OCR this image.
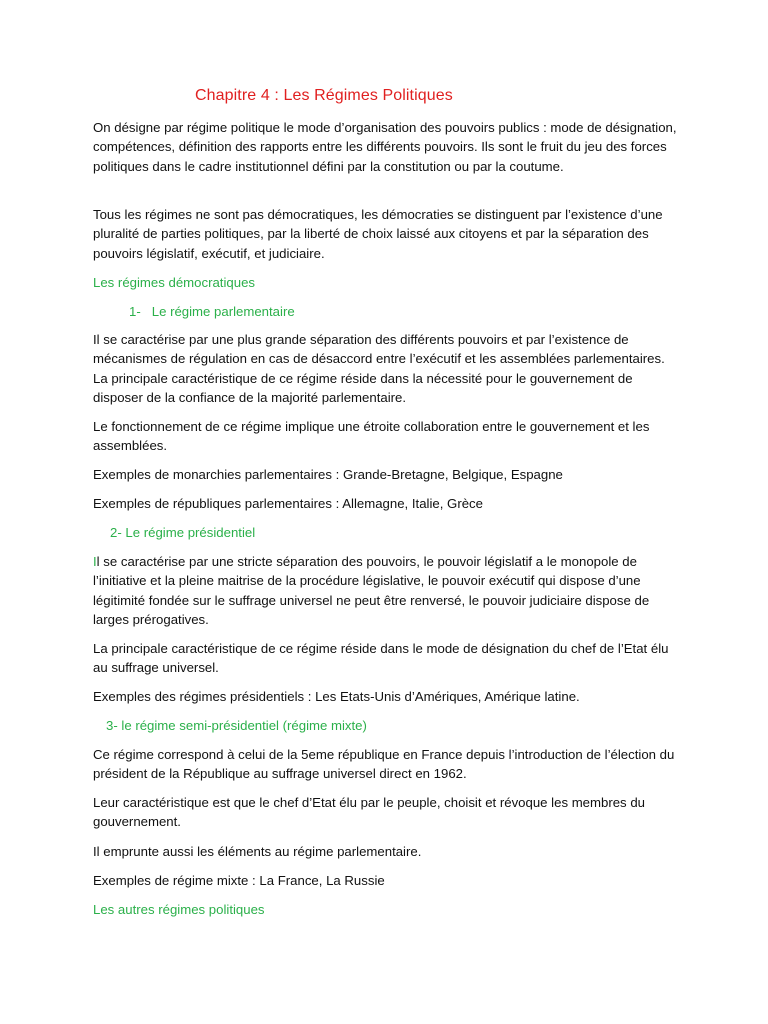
Chapitre 4 : Les Régimes Politiques

On désigne par régime politique le mode d’organisation des pouvoirs publics : mode de désignation, compétences, définition des rapports entre les différents pouvoirs. Ils sont le fruit du jeu des forces politiques dans le cadre institutionnel défini par la constitution ou par la coutume.

Tous les régimes ne sont pas démocratiques, les démocraties se distinguent par l’existence d’une pluralité de parties politiques, par la liberté de choix laissé aux citoyens et par la séparation des pouvoirs législatif, exécutif, et judiciaire.

Les régimes démocratiques

1- Le régime parlementaire

Il se caractérise par une plus grande séparation des différents pouvoirs et par l’existence de mécanismes de régulation en cas de désaccord entre l’exécutif et les assemblées parlementaires. La principale caractéristique de ce régime réside dans la nécessité pour le gouvernement de disposer de la confiance de la majorité parlementaire.

Le fonctionnement de ce régime implique une étroite collaboration entre le gouvernement et les assemblées.

Exemples de monarchies parlementaires : Grande-Bretagne, Belgique, Espagne

Exemples de républiques parlementaires : Allemagne, Italie, Grèce

2- Le régime présidentiel

Il se caractérise par une stricte séparation des pouvoirs, le pouvoir législatif a le monopole de l’initiative et la pleine maitrise de la procédure législative, le pouvoir exécutif qui dispose d’une légitimité fondée sur le suffrage universel ne peut être renversé, le pouvoir judiciaire dispose de larges prérogatives.

La principale caractéristique de ce régime réside dans le mode de désignation du chef de l’Etat élu au suffrage universel.

Exemples des régimes présidentiels : Les Etats-Unis d’Amériques, Amérique latine.

3- le régime semi-présidentiel (régime mixte)

Ce régime correspond à celui de la 5eme république en France depuis l’introduction de l’élection du président de la République au suffrage universel direct en 1962.

Leur caractéristique est que le chef d’Etat élu par le peuple, choisit et révoque les membres du gouvernement.

Il emprunte aussi les éléments au régime parlementaire.

Exemples de régime mixte : La France, La Russie

Les autres régimes politiques
